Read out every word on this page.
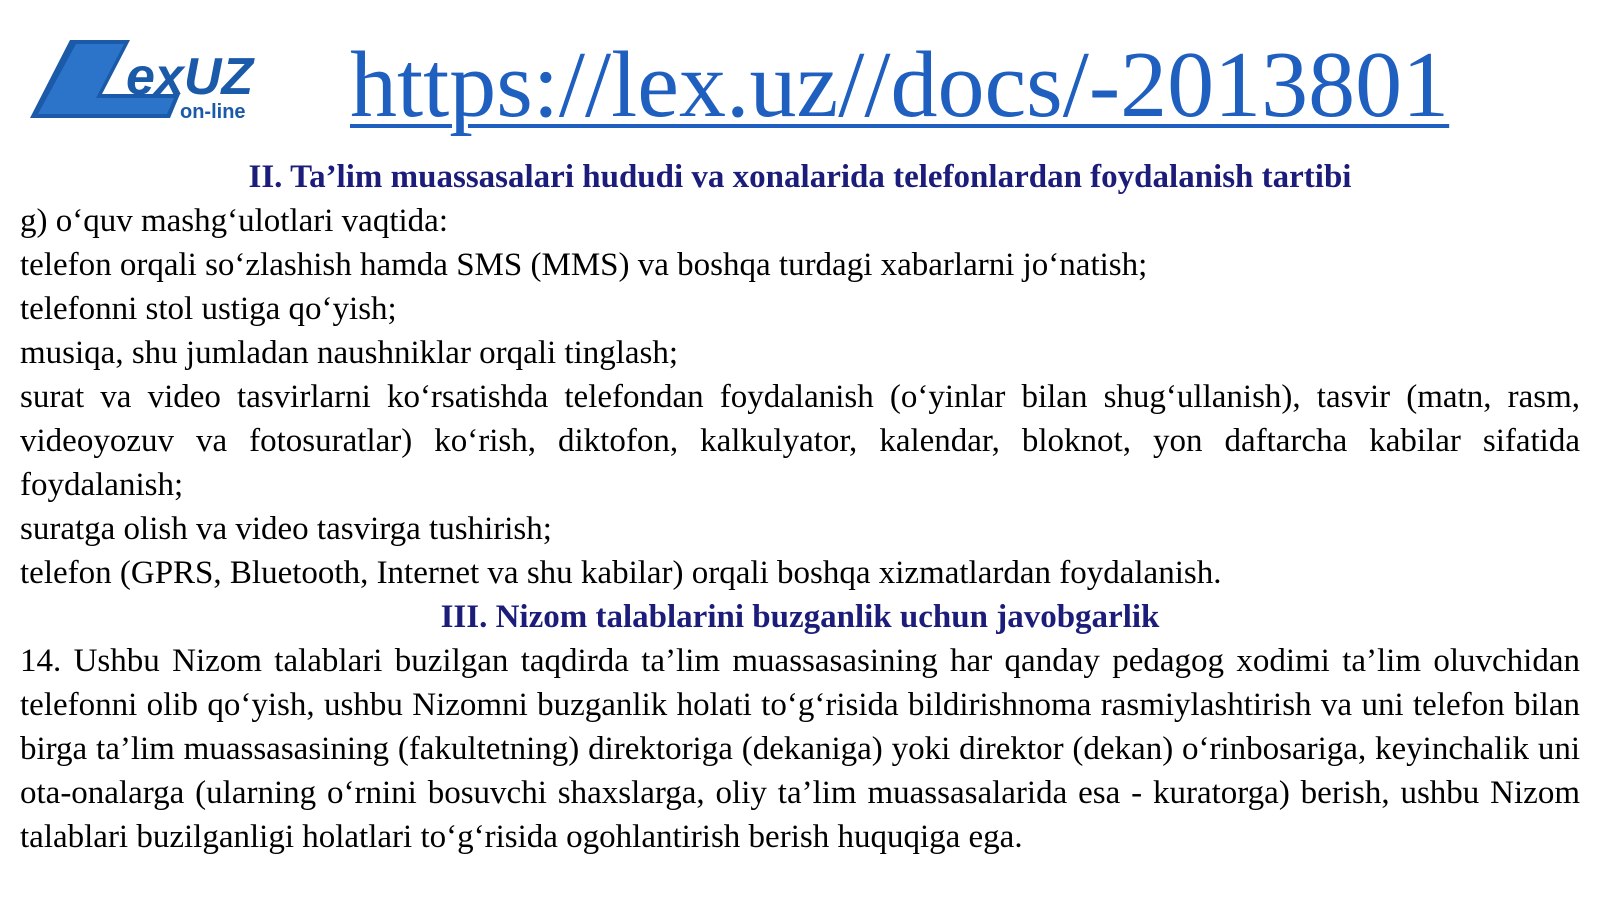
exUZ
on-line https://lex.uz//docs/-2013801

II. Ta’lim muassasalari hududi va xonalarida telefonlardan foydalanish tartibi

g) o‘quv mashg‘ulotlari vaqtida:

telefon orqali so‘zlashish hamda SMS (MMS) va boshqa turdagi xabarlarni jo‘natish;

telefonni stol ustiga qo‘yish;

musiqa, shu jumladan naushniklar orqali tinglash;

surat va video tasvirlarni ko‘rsatishda telefondan foydalanish (o‘yinlar bilan shug‘ullanish), tasvir (matn, rasm, videoyozuv va fotosuratlar) ko‘rish, diktofon, kalkulyator, kalendar, bloknot, yon daftarcha kabilar sifatida foydalanish;

suratga olish va video tasvirga tushirish;

telefon (GPRS, Bluetooth, Internet va shu kabilar) orqali boshqa xizmatlardan foydalanish.

III. Nizom talablarini buzganlik uchun javobgarlik

14. Ushbu Nizom talablari buzilgan taqdirda ta’lim muassasasining har qanday pedagog xodimi ta’lim oluvchidan telefonni olib qo‘yish, ushbu Nizomni buzganlik holati to‘g‘risida bildirishnoma rasmiylashtirish va uni telefon bilan birga ta’lim muassasasining (fakultetning) direktoriga (dekaniga) yoki direktor (dekan) o‘rinbosariga, keyinchalik uni ota-onalarga (ularning o‘rnini bosuvchi shaxslarga, oliy ta’lim muassasalarida esa - kuratorga) berish, ushbu Nizom talablari buzilganligi holatlari to‘g‘risida ogohlantirish berish huquqiga ega.
